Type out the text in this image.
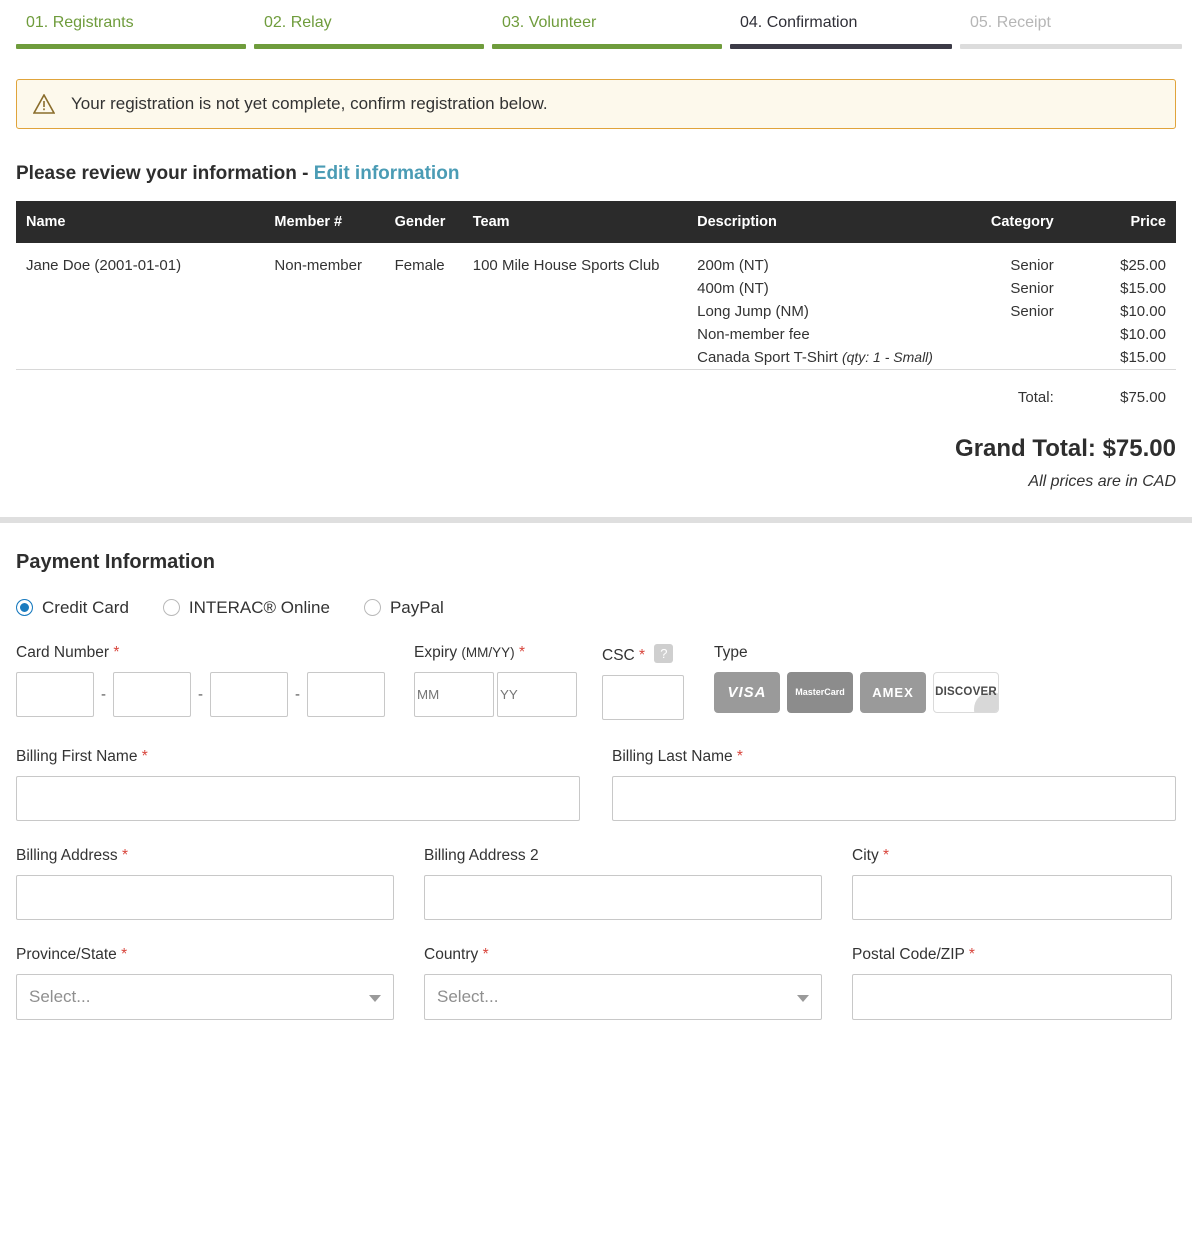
01. Registrants	02. Relay	03. Volunteer	04. Confirmation	05. Receipt
Your registration is not yet complete, confirm registration below.
Please review your information - Edit information
Name	Member #	Gender	Team	Description	Category	Price
Jane Doe (2001-01-01)	Non-member	Female	100 Mile House Sports Club	200m (NT)	Senior	$25.00
				400m (NT)	Senior	$15.00
				Long Jump (NM)	Senior	$10.00
				Non-member fee		$10.00
				Canada Sport T-Shirt (qty: 1 - Small)		$15.00

					Total:	$75.00
Grand Total: $75.00
All prices are in CAD
Payment Information
Credit Card	INTERAC® Online	PayPal
Card Number *
-	-	-
Expiry (MM/YY) *
MM
YY	CSC * ?	Type
VISA	MasterCard	AMEX	DISCOVER
Billing First Name *	Billing Last Name *
Billing Address *	Billing Address 2	City *
Province/State *
Select...
Country *
Select...
Postal Code/ZIP *
